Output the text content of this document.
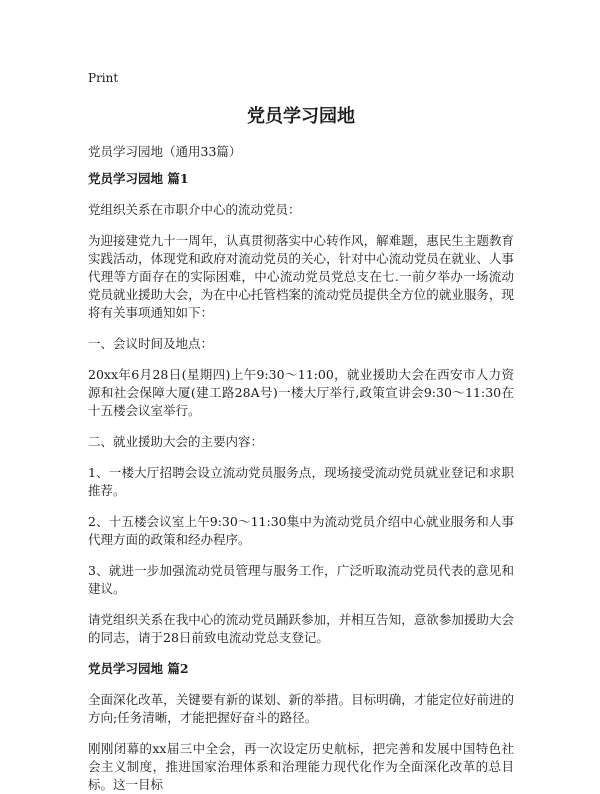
Print
党员学习园地
党员学习园地（通用33篇）
党员学习园地 篇1

党组织关系在市职介中心的流动党员：

为迎接建党九十一周年，认真贯彻落实中心转作风，解难题，惠民生主题教育实践活动，体现党和政府对流动党员的关心，针对中心流动党员在就业、人事代理等方面存在的实际困难，中心流动党员党总支在七.一前夕举办一场流动党员就业援助大会，为在中心托管档案的流动党员提供全方位的就业服务，现将有关事项通知如下：

一、会议时间及地点：

20xx年6月28日(星期四)上午9:30～11:00，就业援助大会在西安市人力资源和社会保障大厦(建工路28A号)一楼大厅举行,政策宣讲会9:30～11:30在十五楼会议室举行。

二、就业援助大会的主要内容：

1、一楼大厅招聘会设立流动党员服务点，现场接受流动党员就业登记和求职推荐。

2、十五楼会议室上午9:30～11:30集中为流动党员介绍中心就业服务和人事代理方面的政策和经办程序。

3、就进一步加强流动党员管理与服务工作，广泛听取流动党员代表的意见和建议。

请党组织关系在我中心的流动党员踊跃参加，并相互告知，意欲参加援助大会的同志，请于28日前致电流动党总支登记。

党员学习园地 篇2

全面深化改革，关键要有新的谋划、新的举措。目标明确，才能定位好前进的方向;任务清晰，才能把握好奋斗的路径。

刚刚闭幕的xx届三中全会，再一次设定历史航标，把完善和发展中国特色社会主义制度，推进国家治理体系和治理能力现代化作为全面深化改革的总目标。这一目标
